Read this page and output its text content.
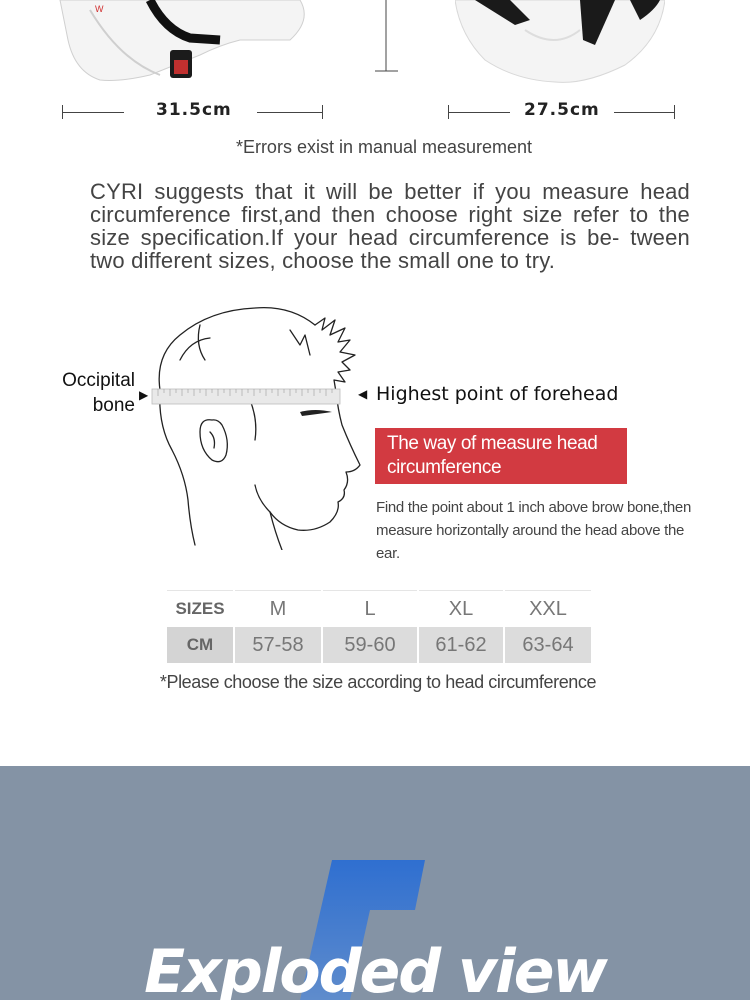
W
31.5cm	27.5cm
*Errors exist in manual measurement
CYRI suggests that it will be better if you measure head circumference first,and then choose right size refer to the size specification.If your head circumference is be- tween two different sizes, choose the small one to try.
Occipital bone ▶	◀ Highest point of forehead
The way of measure head circumference
Find the point about 1 inch above brow bone,then measure horizontally around the head above the ear.
SIZES	M	L	XL	XXL
CM	57-58	59-60	61-62	63-64
*Please choose the size according to head circumference
Exploded view
